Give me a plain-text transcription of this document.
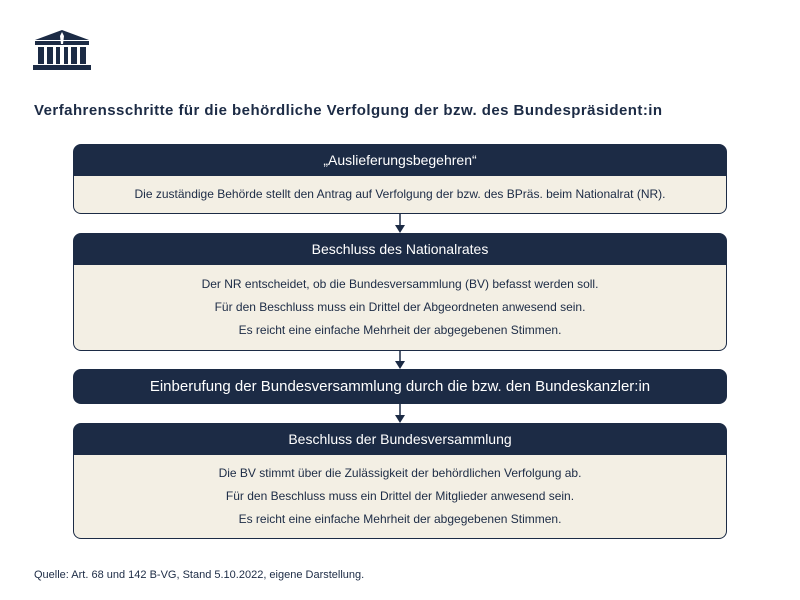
Verfahrensschritte für die behördliche Verfolgung der bzw. des Bundespräsident:in
„Auslieferungsbegehren“

Die zuständige Behörde stellt den Antrag auf Verfolgung der bzw. des BPräs. beim Nationalrat (NR).

Beschluss des Nationalrates

Der NR entscheidet, ob die Bundesversammlung (BV) befasst werden soll.

Für den Beschluss muss ein Drittel der Abgeordneten anwesend sein.

Es reicht eine einfache Mehrheit der abgegebenen Stimmen.

Einberufung der Bundesversammlung durch die bzw. den Bundeskanzler:in
Beschluss der Bundesversammlung

Die BV stimmt über die Zulässigkeit der behördlichen Verfolgung ab.

Für den Beschluss muss ein Drittel der Mitglieder anwesend sein.

Es reicht eine einfache Mehrheit der abgegebenen Stimmen.

Quelle: Art. 68 und 142 B-VG, Stand 5.10.2022, eigene Darstellung.
